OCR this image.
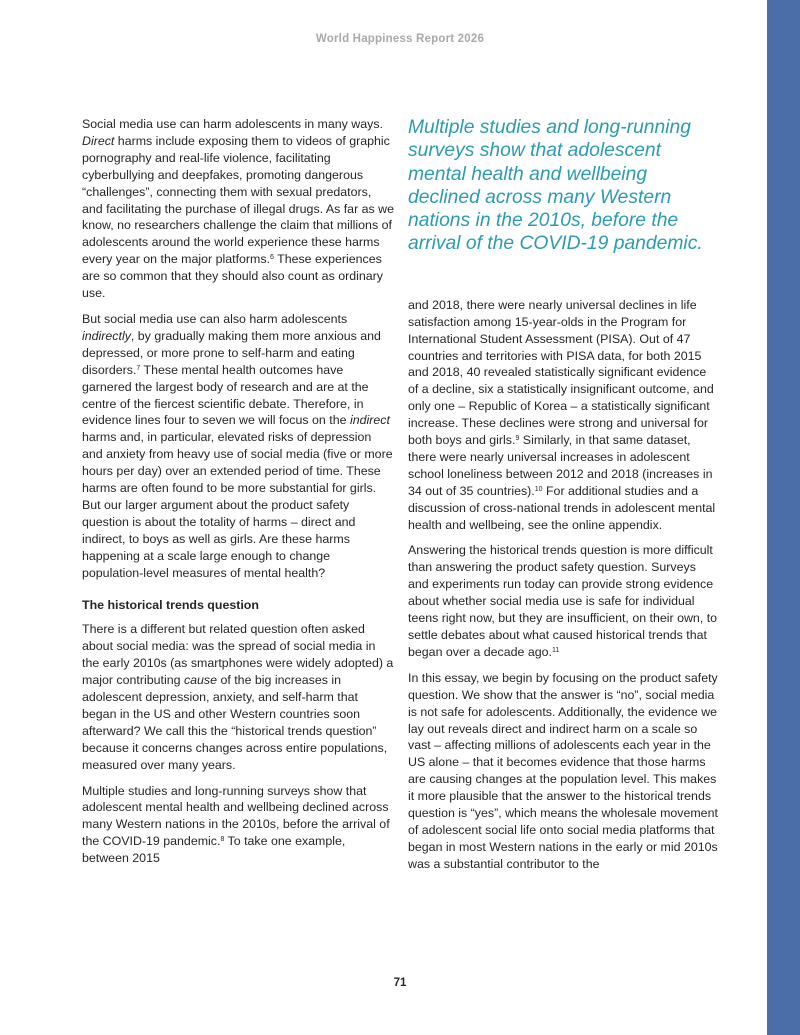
World Happiness Report 2026

Social media use can harm adolescents in many ways. Direct harms include exposing them to videos of graphic pornography and real-life violence, facilitating cyberbullying and deepfakes, promoting dangerous “challenges”, connecting them with sexual predators, and facilitating the purchase of illegal drugs. As far as we know, no researchers challenge the claim that millions of adolescents around the world experience these harms every year on the major platforms.$^6$ These experiences are so common that they should also count as ordinary use.

But social media use can also harm adolescents indirectly, by gradually making them more anxious and depressed, or more prone to self-harm and eating disorders.$^7$ These mental health outcomes have garnered the largest body of research and are at the centre of the fiercest scientific debate. Therefore, in evidence lines four to seven we will focus on the indirect harms and, in particular, elevated risks of depression and anxiety from heavy use of social media (five or more hours per day) over an extended period of time. These harms are often found to be more substantial for girls. But our larger argument about the product safety question is about the totality of harms – direct and indirect, to boys as well as girls. Are these harms happening at a scale large enough to change population-level measures of mental health?

The historical trends question

There is a different but related question often asked about social media: was the spread of social media in the early 2010s (as smartphones were widely adopted) a major contributing cause of the big increases in adolescent depression, anxiety, and self-harm that began in the US and other Western countries soon afterward? We call this the “historical trends question” because it concerns changes across entire populations, measured over many years.

Multiple studies and long-running surveys show that adolescent mental health and wellbeing declined across many Western nations in the 2010s, before the arrival of the COVID-19 pandemic.$^8$ To take one example, between 2015

Multiple studies and long-running surveys show that adolescent mental health and wellbeing declined across many Western nations in the 2010s, before the arrival of the COVID-19 pandemic.

and 2018, there were nearly universal declines in life satisfaction among 15-year-olds in the Program for International Student Assessment (PISA). Out of 47 countries and territories with PISA data, for both 2015 and 2018, 40 revealed statistically significant evidence of a decline, six a statistically insignificant outcome, and only one – Republic of Korea – a statistically significant increase. These declines were strong and universal for both boys and girls.$^9$ Similarly, in that same dataset, there were nearly universal increases in adolescent school loneliness between 2012 and 2018 (increases in 34 out of 35 countries).$^{10}$ For additional studies and a discussion of cross-national trends in adolescent mental health and wellbeing, see the online appendix.

Answering the historical trends question is more difficult than answering the product safety question. Surveys and experiments run today can provide strong evidence about whether social media use is safe for individual teens right now, but they are insufficient, on their own, to settle debates about what caused historical trends that began over a decade ago.$^{11}$

In this essay, we begin by focusing on the product safety question. We show that the answer is “no”, social media is not safe for adolescents. Additionally, the evidence we lay out reveals direct and indirect harm on a scale so vast – affecting millions of adolescents each year in the US alone – that it becomes evidence that those harms are causing changes at the population level. This makes it more plausible that the answer to the historical trends question is “yes”, which means the wholesale movement of adolescent social life onto social media platforms that began in most Western nations in the early or mid 2010s was a substantial contributor to the

71
